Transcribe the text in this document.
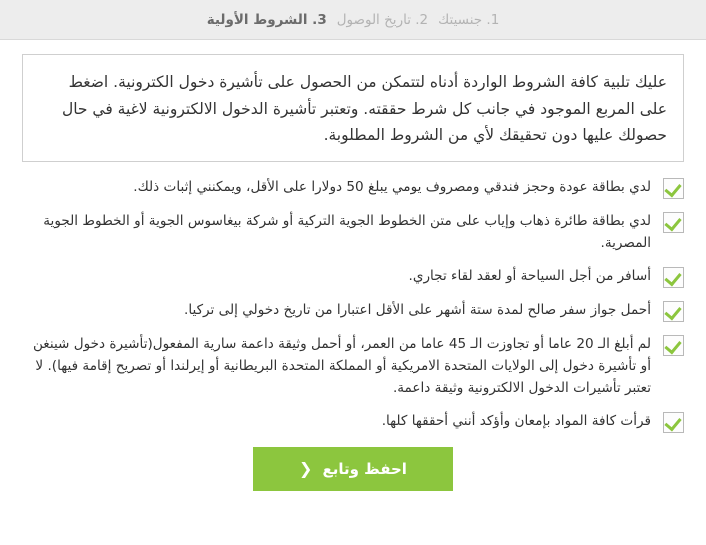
1. جنسيتك
2. تاريخ الوصول
3. الشروط الأولية
عليك تلبية كافة الشروط الواردة أدناه لتتمكن من الحصول على تأشيرة دخول الكترونية. اضغط على المربع الموجود في جانب كل شرط حققته. وتعتبر تأشيرة الدخول الالكترونية لاغية في حال حصولك عليها دون تحقيقك لأي من الشروط المطلوبة.
لدي بطاقة عودة وحجز فندقي ومصروف يومي يبلغ 50 دولارا على الأقل، ويمكنني إثبات ذلك.
لدي بطاقة طائرة ذهاب وإياب على متن الخطوط الجوية التركية أو شركة بيغاسوس الجوية أو الخطوط الجوية المصرية.
أسافر من أجل السياحة أو لعقد لقاء تجاري.
أحمل جواز سفر صالح لمدة ستة أشهر على الأقل اعتبارا من تاريخ دخولي إلى تركيا.
لم أبلغ الـ 20 عاما أو تجاوزت الـ 45 عاما من العمر، أو أحمل وثيقة داعمة سارية المفعول(تأشيرة دخول شينغن أو تأشيرة دخول إلى الولايات المتحدة الامريكية أو المملكة المتحدة البريطانية أو إيرلندا أو تصريح إقامة فيها). لا تعتبر تأشيرات الدخول الالكترونية وثيقة داعمة.
قرأت كافة المواد بإمعان وأؤكد أنني أحققها كلها.
احفظ وتابع
❮
